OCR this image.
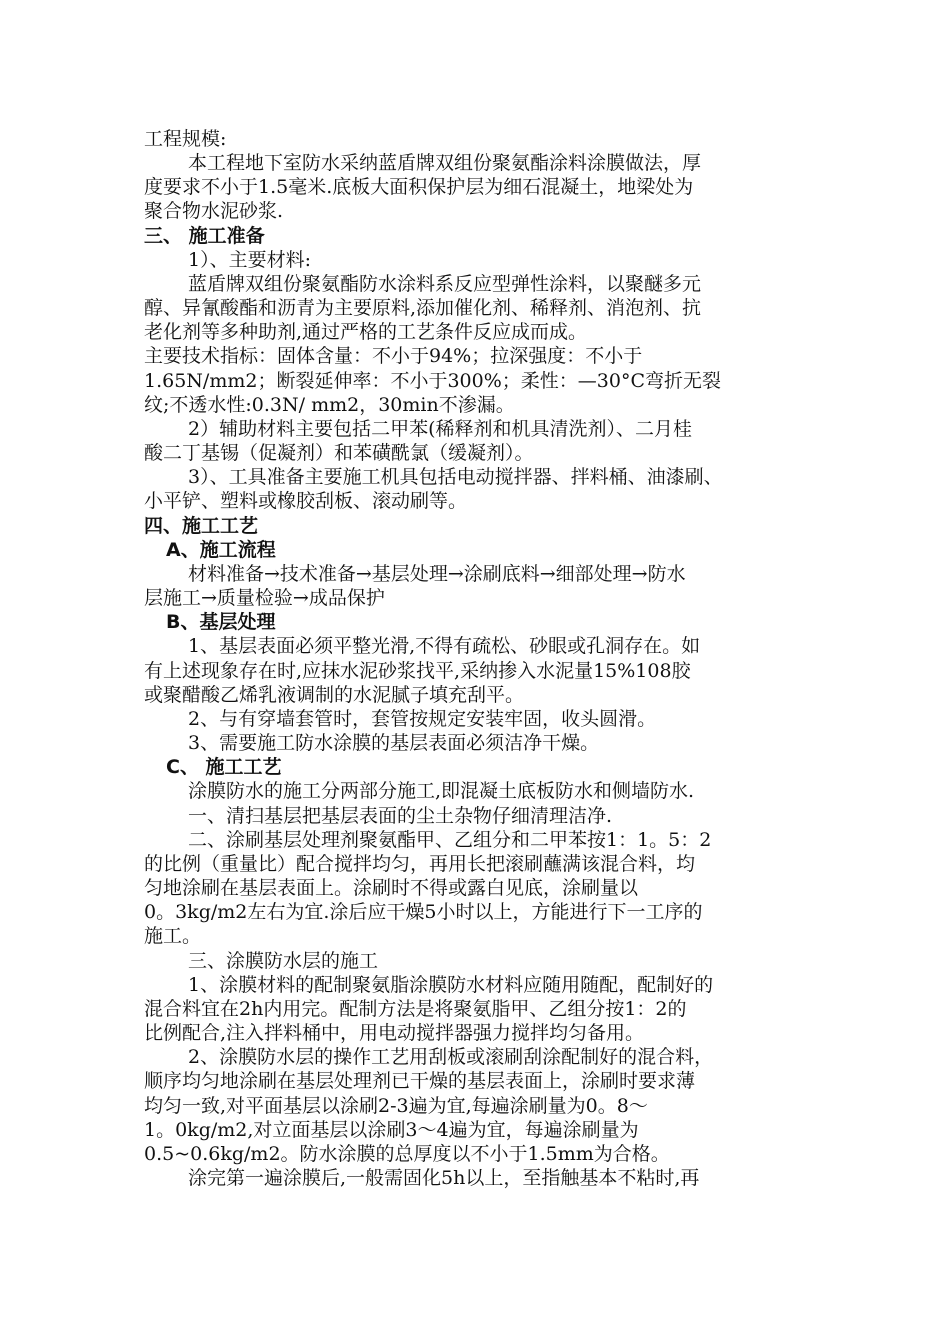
工程规模:
本工程地下室防水采纳蓝盾牌双组份聚氨酯涂料涂膜做法，厚
度要求不小于1.5毫米.底板大面积保护层为细石混凝土，地梁处为
聚合物水泥砂浆.
三、 施工准备
1）、主要材料:
蓝盾牌双组份聚氨酯防水涂料系反应型弹性涂料，以聚醚多元
醇、异氰酸酯和沥青为主要原料,添加催化剂、稀释剂、消泡剂、抗
老化剂等多种助剂,通过严格的工艺条件反应成而成。
主要技术指标：固体含量：不小于94%；拉深强度：不小于
1.65N/mm2；断裂延伸率：不小于300%；柔性：—30°C弯折无裂
纹;不透水性:0.3N/ mm2，30min不渗漏。
2）辅助材料主要包括二甲苯(稀释剂和机具清洗剂）、二月桂
酸二丁基锡（促凝剂）和苯磺酰氯（缓凝剂）。
3）、工具准备主要施工机具包括电动搅拌器、拌料桶、油漆刷、
小平铲、塑料或橡胶刮板、滚动刷等。
四、施工工艺
A、施工流程
材料准备→技术准备→基层处理→涂刷底料→细部处理→防水
层施工→质量检验→成品保护
B、基层处理
1、基层表面必须平整光滑,不得有疏松、砂眼或孔洞存在。如
有上述现象存在时,应抹水泥砂浆找平,采纳掺入水泥量15%108胶
或聚醋酸乙烯乳液调制的水泥腻子填充刮平。
2、与有穿墙套管时，套管按规定安装牢固，收头圆滑。
3、需要施工防水涂膜的基层表面必须洁净干燥。
C、 施工工艺
涂膜防水的施工分两部分施工,即混凝土底板防水和侧墙防水.
一、清扫基层把基层表面的尘土杂物仔细清理洁净.
二、涂刷基层处理剂聚氨酯甲、乙组分和二甲苯按1：1。5：2
的比例（重量比）配合搅拌均匀，再用长把滚刷蘸满该混合料，均
匀地涂刷在基层表面上。涂刷时不得或露白见底，涂刷量以
0。3kg/m2左右为宜.涂后应干燥5小时以上，方能进行下一工序的
施工。
三、涂膜防水层的施工
1、涂膜材料的配制聚氨脂涂膜防水材料应随用随配，配制好的
混合料宜在2h内用完。配制方法是将聚氨脂甲、乙组分按1：2的
比例配合,注入拌料桶中，用电动搅拌器强力搅拌均匀备用。
2、涂膜防水层的操作工艺用刮板或滚刷刮涂配制好的混合料，
顺序均匀地涂刷在基层处理剂已干燥的基层表面上，涂刷时要求薄
均匀一致,对平面基层以涂刷2-3遍为宜,每遍涂刷量为0。8～
1。0kg/m2,对立面基层以涂刷3～4遍为宜，每遍涂刷量为
0.5~0.6kg/m2。防水涂膜的总厚度以不小于1.5mm为合格。
涂完第一遍涂膜后,一般需固化5h以上，至指触基本不粘时,再
